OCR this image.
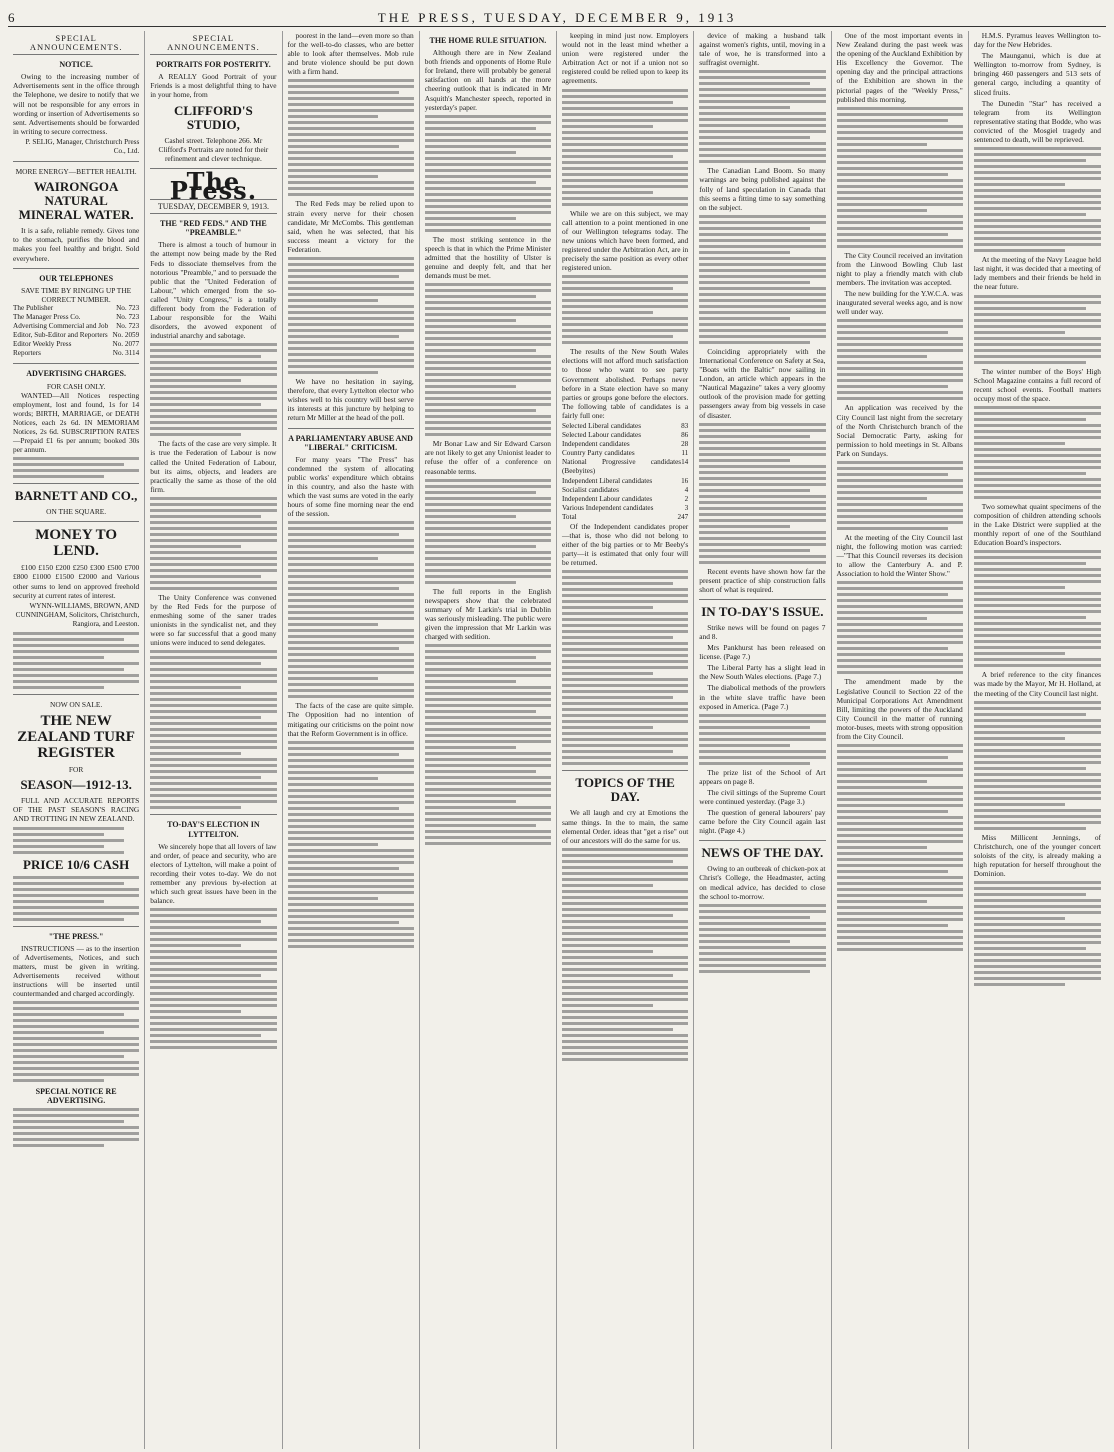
6	THE PRESS, TUESDAY, DECEMBER 9, 1913
SPECIAL ANNOUNCEMENTS.
NOTICE.

Owing to the increasing number of Advertisements sent in the office through the Telephone, we desire to notify that we will not be responsible for any errors in wording or insertion of Advertisements so sent. Advertisements should be forwarded in writing to secure correctness.

P. SELIG, Manager, Christchurch Press Co., Ltd.
MORE ENERGY—BETTER HEALTH.
WAIRONGOA NATURAL MINERAL WATER.

It is a safe, reliable remedy. Gives tone to the stomach, purifies the blood and makes you feel healthy and bright. Sold everywhere.

OUR TELEPHONES
SAVE TIME BY RINGING UP THE CORRECT NUMBER.
The Publisher	No. 723
The Manager Press Co.	No. 723
Advertising Commercial and Job No. 723
Editor, Sub-Editor and Reporters No. 2059
Editor Weekly Press	No. 2077
Reporters	No. 3114
ADVERTISING CHARGES.
FOR CASH ONLY.

WANTED—All Notices respecting employment, lost and found, 1s for 14 words; BIRTH, MARRIAGE, or DEATH Notices, each 2s 6d. IN MEMORIAM Notices, 2s 6d. SUBSCRIPTION RATES—Prepaid £1 6s per annum; booked 30s per annum.

BARNETT AND CO.,
ON THE SQUARE.
MONEY TO LEND.

£100 £150 £200 £250 £300 £500 £700 £800 £1000 £1500 £2000 and Various other sums to lend on approved freehold security at current rates of interest.

WYNN-WILLIAMS, BROWN, AND CUNNINGHAM, Solicitors, Christchurch, Rangiora, and Leeston.
NOW ON SALE.
THE NEW ZEALAND TURF REGISTER
FOR
SEASON—1912-13.

FULL AND ACCURATE REPORTS OF THE PAST SEASON'S RACING AND TROTTING IN NEW ZEALAND.

PRICE 10/6 CASH
"THE PRESS."

INSTRUCTIONS — as to the insertion of Advertisements, Notices, and such matters, must be given in writing. Advertisements received without instructions will be inserted until countermanded and charged accordingly.

SPECIAL NOTICE RE ADVERTISING.
SPECIAL ANNOUNCEMENTS.
PORTRAITS FOR POSTERITY.

A REALLY Good Portrait of your Friends is a most delightful thing to have in your home, from

CLIFFORD'S STUDIO,

Cashel street. Telephone 266. Mr Clifford's Portraits are noted for their refinement and clever technique.

The Press.
TUESDAY, DECEMBER 9, 1913.
THE "RED FEDS." AND THE "PREAMBLE."

There is almost a touch of humour in the attempt now being made by the Red Feds to dissociate themselves from the notorious "Preamble," and to persuade the public that the "United Federation of Labour," which emerged from the so-called "Unity Congress," is a totally different body from the Federation of Labour responsible for the Waihi disorders, the avowed exponent of industrial anarchy and sabotage.

The facts of the case are very simple. It is true the Federation of Labour is now called the United Federation of Labour, but its aims, objects, and leaders are practically the same as those of the old firm.

The Unity Conference was convened by the Red Feds for the purpose of enmeshing some of the saner trades unionists in the syndicalist net, and they were so far successful that a good many unions were induced to send delegates.

TO-DAY'S ELECTION IN LYTTELTON.

We sincerely hope that all lovers of law and order, of peace and security, who are electors of Lyttelton, will make a point of recording their votes to-day. We do not remember any previous by-election at which such great issues have been in the balance.

poorest in the land—even more so than for the well-to-do classes, who are better able to look after themselves. Mob rule and brute violence should be put down with a firm hand.

The Red Feds may be relied upon to strain every nerve for their chosen candidate, Mr McCombs. This gentleman said, when he was selected, that his success meant a victory for the Federation.

We have no hesitation in saying, therefore, that every Lyttelton elector who wishes well to his country will best serve its interests at this juncture by helping to return Mr Miller at the head of the poll.

A PARLIAMENTARY ABUSE AND "LIBERAL" CRITICISM.

For many years "The Press" has condemned the system of allocating public works' expenditure which obtains in this country, and also the haste with which the vast sums are voted in the early hours of some fine morning near the end of the session.

The facts of the case are quite simple. The Opposition had no intention of mitigating our criticisms on the point now that the Reform Government is in office.

THE HOME RULE SITUATION.

Although there are in New Zealand both friends and opponents of Home Rule for Ireland, there will probably be general satisfaction on all hands at the more cheering outlook that is indicated in Mr Asquith's Manchester speech, reported in yesterday's paper.

The most striking sentence in the speech is that in which the Prime Minister admitted that the hostility of Ulster is genuine and deeply felt, and that her demands must be met.

Mr Bonar Law and Sir Edward Carson are not likely to get any Unionist leader to refuse the offer of a conference on reasonable terms.

The full reports in the English newspapers show that the celebrated summary of Mr Larkin's trial in Dublin was seriously misleading. The public were given the impression that Mr Larkin was charged with sedition.

keeping in mind just now. Employers would not in the least mind whether a union were registered under the Arbitration Act or not if a union not so registered could be relied upon to keep its agreements.

While we are on this subject, we may call attention to a point mentioned in one of our Wellington telegrams today. The new unions which have been formed, and registered under the Arbitration Act, are in precisely the same position as every other registered union.

The results of the New South Wales elections will not afford much satisfaction to those who want to see party Government abolished. Perhaps never before in a State election have so many parties or groups gone before the electors. The following table of candidates is a fairly full one:

Selected Liberal candidates	83
Selected Labour candidates	86
Independent candidates	28
Country Party candidates	11
National Progressive candidates (Beebyites)
14
Independent Liberal candidates	16
Socialist candidates	4
Independent Labour candidates	2
Various Independent candidates	3
Total	247

Of the Independent candidates proper—that is, those who did not belong to either of the big parties or to Mr Beeby's party—it is estimated that only four will be returned.

TOPICS OF THE DAY.

We all laugh and cry at Emotions the same things. In the to main, the same elemental Order. ideas that "get a rise" out of our ancestors will do the same for us.

device of making a husband talk against women's rights, until, moving in a tale of woe, he is transformed into a suffragist overnight.

The Canadian Land Boom. So many warnings are being published against the folly of land speculation in Canada that this seems a fitting time to say something on the subject.

Coinciding appropriately with the International Conference on Safety at Sea, "Boats with the Baltic" now sailing in London, an article which appears in the "Nautical Magazine" takes a very gloomy outlook of the provision made for getting passengers away from big vessels in case of disaster.

Recent events have shown how far the present practice of ship construction falls short of what is required.

IN TO-DAY'S ISSUE.

Strike news will be found on pages 7 and 8.

Mrs Pankhurst has been released on license. (Page 7.)

The Liberal Party has a slight lead in the New South Wales elections. (Page 7.)

The diabolical methods of the prowlers in the white slave traffic have been exposed in America. (Page 7.)

The prize list of the School of Art appears on page 8.

The civil sittings of the Supreme Court were continued yesterday. (Page 3.)

The question of general labourers' pay came before the City Council again last night. (Page 4.)

NEWS OF THE DAY.

Owing to an outbreak of chicken-pox at Christ's College, the Headmaster, acting on medical advice, has decided to close the school to-morrow.

One of the most important events in New Zealand during the past week was the opening of the Auckland Exhibition by His Excellency the Governor. The opening day and the principal attractions of the Exhibition are shown in the pictorial pages of the "Weekly Press," published this morning.

The City Council received an invitation from the Linwood Bowling Club last night to play a friendly match with club members. The invitation was accepted.

The new building for the Y.W.C.A. was inaugurated several weeks ago, and is now well under way.

An application was received by the City Council last night from the secretary of the North Christchurch branch of the Social Democratic Party, asking for permission to hold meetings in St. Albans Park on Sundays.

At the meeting of the City Council last night, the following motion was carried:—"That this Council reverses its decision to allow the Canterbury A. and P. Association to hold the Winter Show."

The amendment made by the Legislative Council to Section 22 of the Municipal Corporations Act Amendment Bill, limiting the powers of the Auckland City Council in the matter of running motor-buses, meets with strong opposition from the City Council.

H.M.S. Pyramus leaves Wellington to-day for the New Hebrides.

The Maunganui, which is due at Wellington to-morrow from Sydney, is bringing 460 passengers and 513 sets of general cargo, including a quantity of sliced fruits.

The Dunedin "Star" has received a telegram from its Wellington representative stating that Bodde, who was convicted of the Mosgiel tragedy and sentenced to death, will be reprieved.

At the meeting of the Navy League held last night, it was decided that a meeting of lady members and their friends be held in the near future.

The winter number of the Boys' High School Magazine contains a full record of recent school events. Football matters occupy most of the space.

Two somewhat quaint specimens of the composition of children attending schools in the Lake District were supplied at the monthly report of one of the Southland Education Board's inspectors.

A brief reference to the city finances was made by the Mayor, Mr H. Holland, at the meeting of the City Council last night.

Miss Millicent Jennings, of Christchurch, one of the younger concert soloists of the city, is already making a high reputation for herself throughout the Dominion.
